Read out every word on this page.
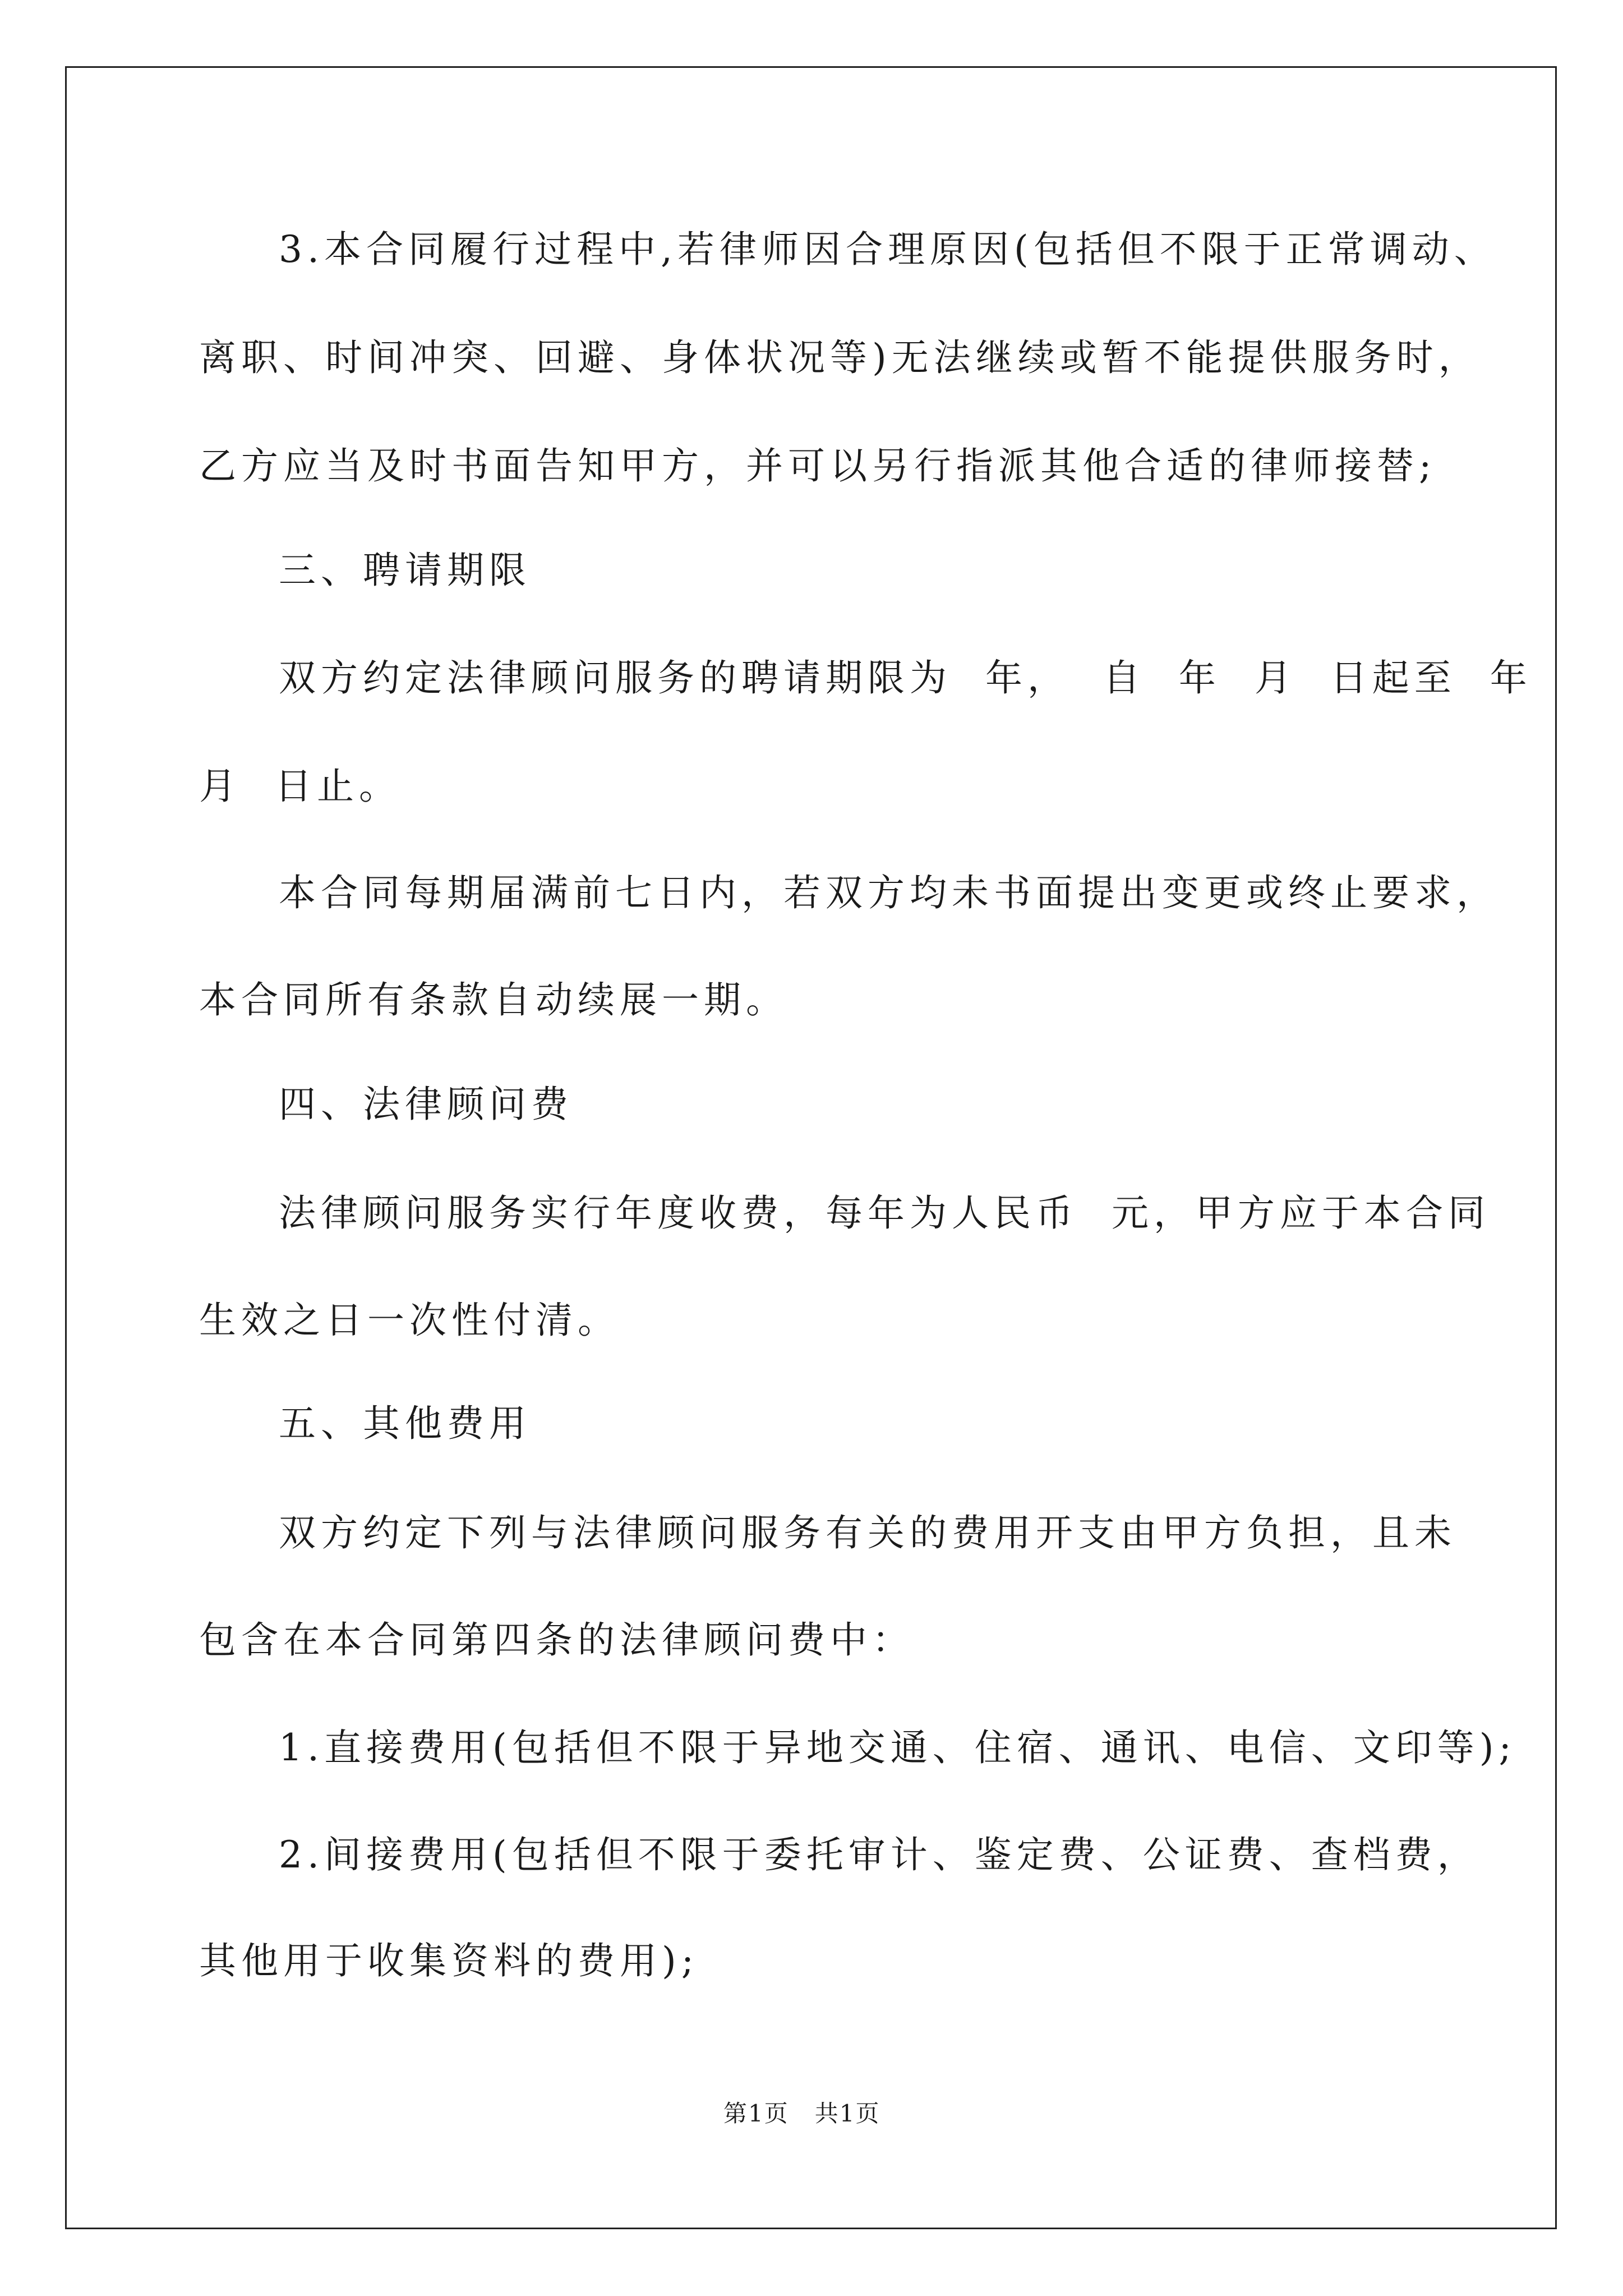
3.本合同履行过程中,若律师因合理原因(包括但不限于正常调动、

离职、时间冲突、回避、身体状况等)无法继续或暂不能提供服务时，

乙方应当及时书面告知甲方，并可以另行指派其他合适的律师接替;

三、聘请期限

双方约定法律顾问服务的聘请期限为  年，  自  年  月  日起至  年

月  日止。

本合同每期届满前七日内，若双方均未书面提出变更或终止要求，

本合同所有条款自动续展一期。

四、法律顾问费

法律顾问服务实行年度收费，每年为人民币  元，甲方应于本合同

生效之日一次性付清。

五、其他费用

双方约定下列与法律顾问服务有关的费用开支由甲方负担，且未

包含在本合同第四条的法律顾问费中：

1.直接费用(包括但不限于异地交通、住宿、通讯、电信、文印等);

2.间接费用(包括但不限于委托审计、鉴定费、公证费、查档费，

其他用于收集资料的费用);

第1页   共1页
